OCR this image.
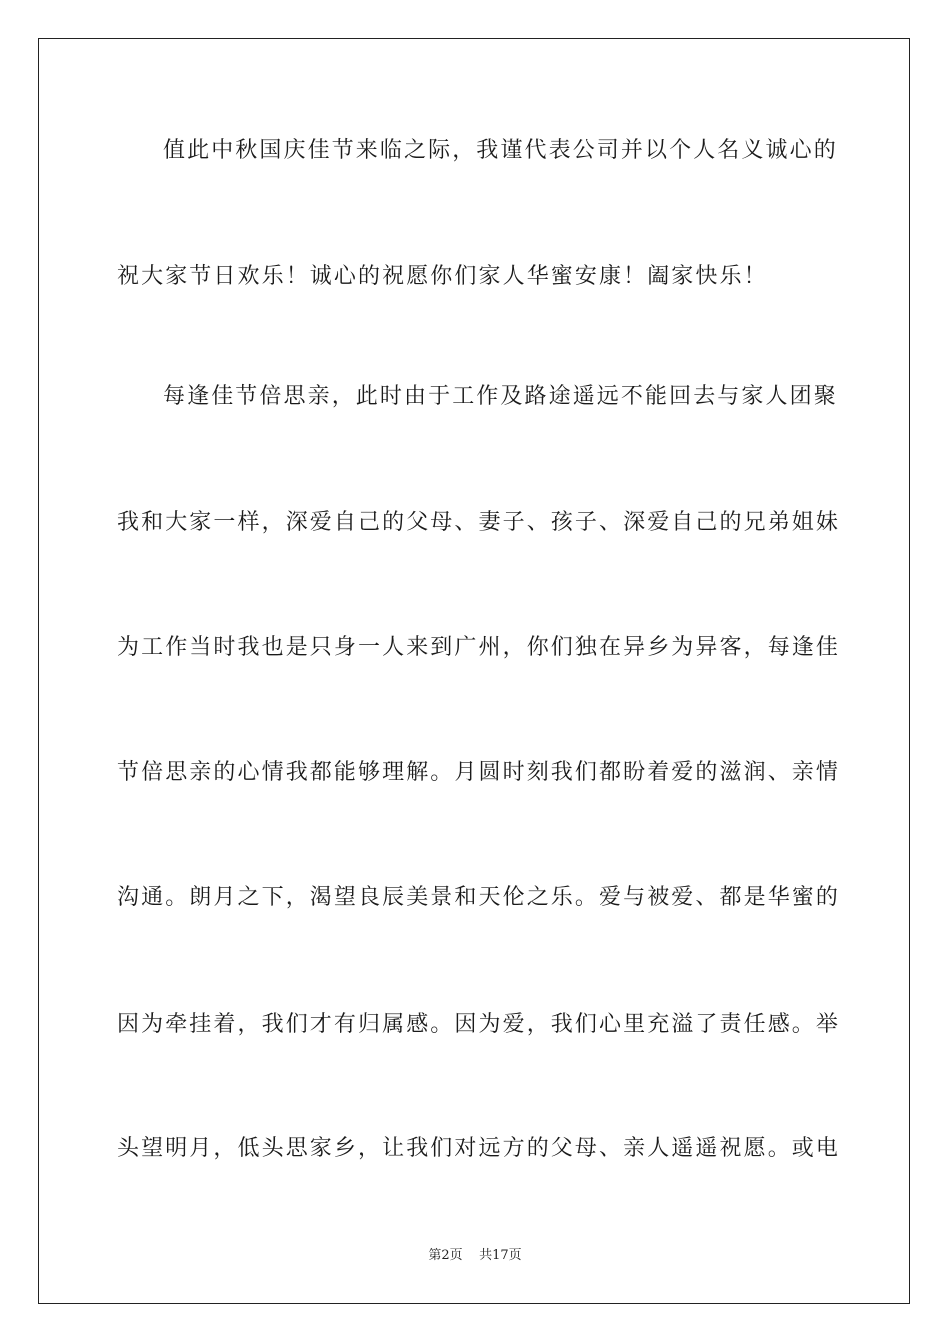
值此中秋国庆佳节来临之际，我谨代表公司并以个人名义诚心的
祝大家节日欢乐！诚心的祝愿你们家人华蜜安康！阖家快乐！
每逢佳节倍思亲，此时由于工作及路途遥远不能回去与家人团聚
我和大家一样，深爱自己的父母、妻子、孩子、深爱自己的兄弟姐妹
为工作当时我也是只身一人来到广州，你们独在异乡为异客，每逢佳
节倍思亲的心情我都能够理解。月圆时刻我们都盼着爱的滋润、亲情
沟通。朗月之下，渴望良辰美景和天伦之乐。爱与被爱、都是华蜜的
因为牵挂着，我们才有归属感。因为爱，我们心里充溢了责任感。举
头望明月，低头思家乡，让我们对远方的父母、亲人遥遥祝愿。或电
第2页 共17页
